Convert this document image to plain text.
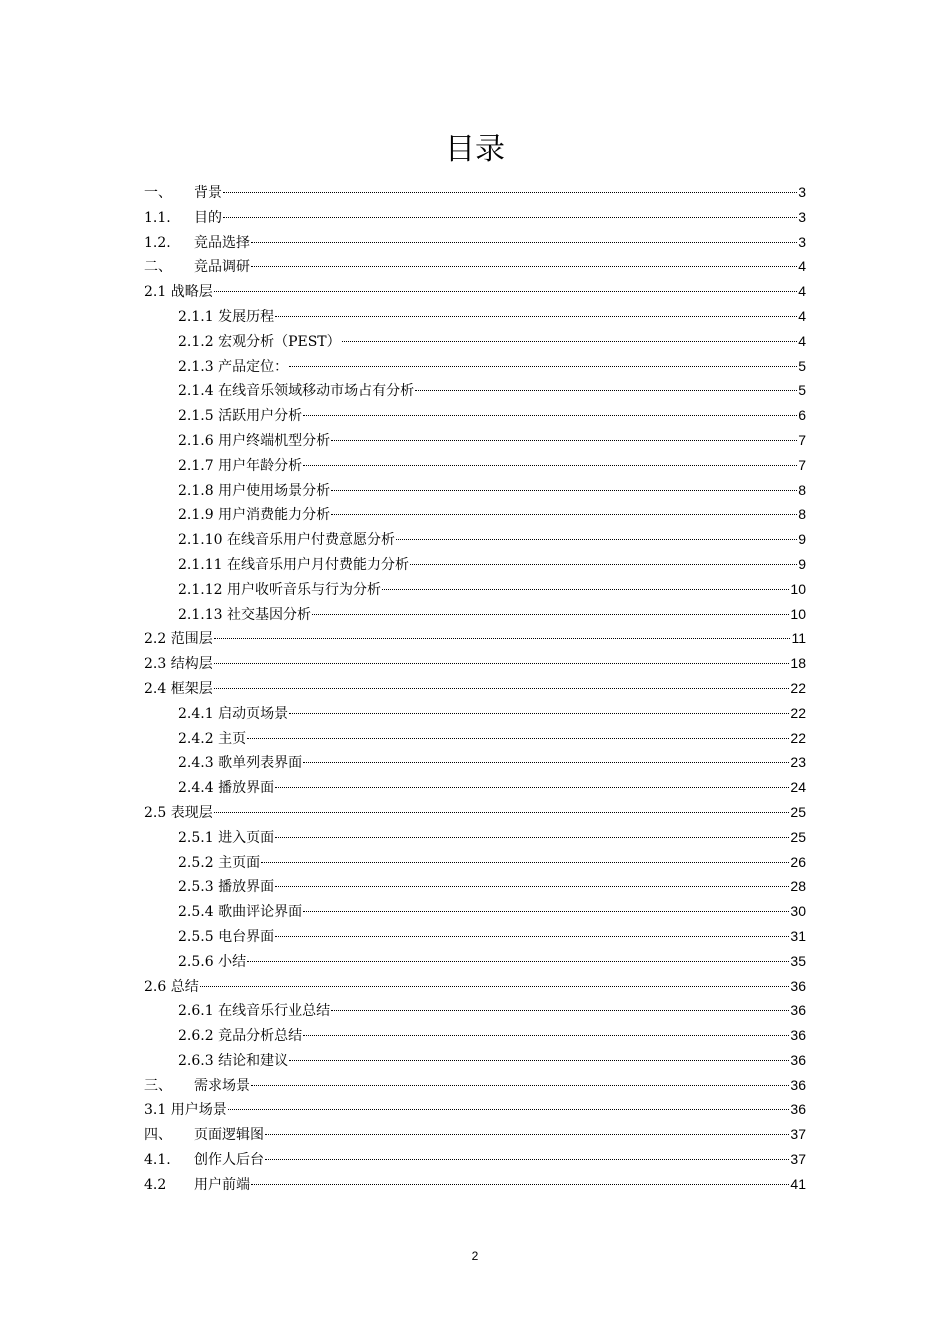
目录
一、	背景	3
1.1.	目的	3
1.2.	竞品选择	3
二、	竞品调研	4
2.1 战略层	4
2.1.1 发展历程	4
2.1.2 宏观分析（PEST）	4
2.1.3 产品定位：	5
2.1.4 在线音乐领域移动市场占有分析	5
2.1.5 活跃用户分析	6
2.1.6 用户终端机型分析	7
2.1.7 用户年龄分析	7
2.1.8 用户使用场景分析	8
2.1.9 用户消费能力分析	8
2.1.10 在线音乐用户付费意愿分析	9
2.1.11 在线音乐用户月付费能力分析	9
2.1.12 用户收听音乐与行为分析	10
2.1.13 社交基因分析	10
2.2 范围层	11
2.3 结构层	18
2.4 框架层	22
2.4.1 启动页场景	22
2.4.2 主页	22
2.4.3 歌单列表界面	23
2.4.4 播放界面	24
2.5 表现层	25
2.5.1 进入页面	25
2.5.2 主页面	26
2.5.3 播放界面	28
2.5.4 歌曲评论界面	30
2.5.5 电台界面	31
2.5.6 小结	35
2.6 总结	36
2.6.1 在线音乐行业总结	36
2.6.2 竞品分析总结	36
2.6.3 结论和建议	36
三、	需求场景	36
3.1 用户场景	36
四、	页面逻辑图	37
4.1.	创作人后台	37
4.2	用户前端	41
2
